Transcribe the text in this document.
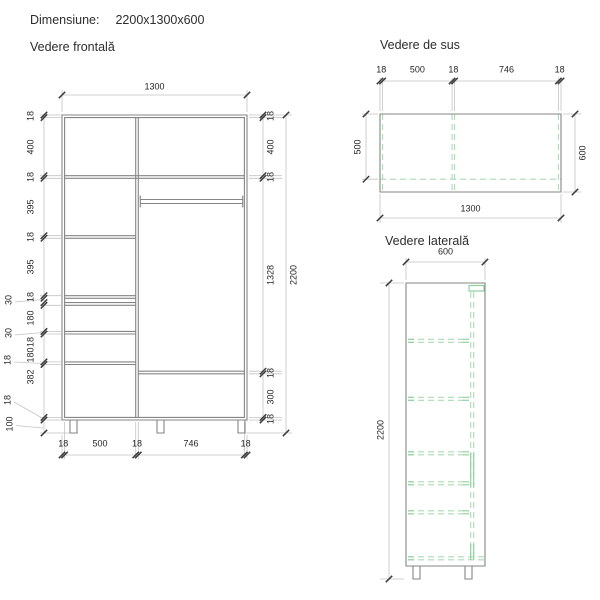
Dimensiune: 2200x1300x600
Vedere frontală	Vedere de sus
Vedere laterală
1300
18
400
18
395
18
395
18
180
18
180
382
30
30
18
18
100
18
400
18
1328
18
300
18
2200
18	500	18	746	18
18	500	18	746	18
500	600
1300
600
2200
